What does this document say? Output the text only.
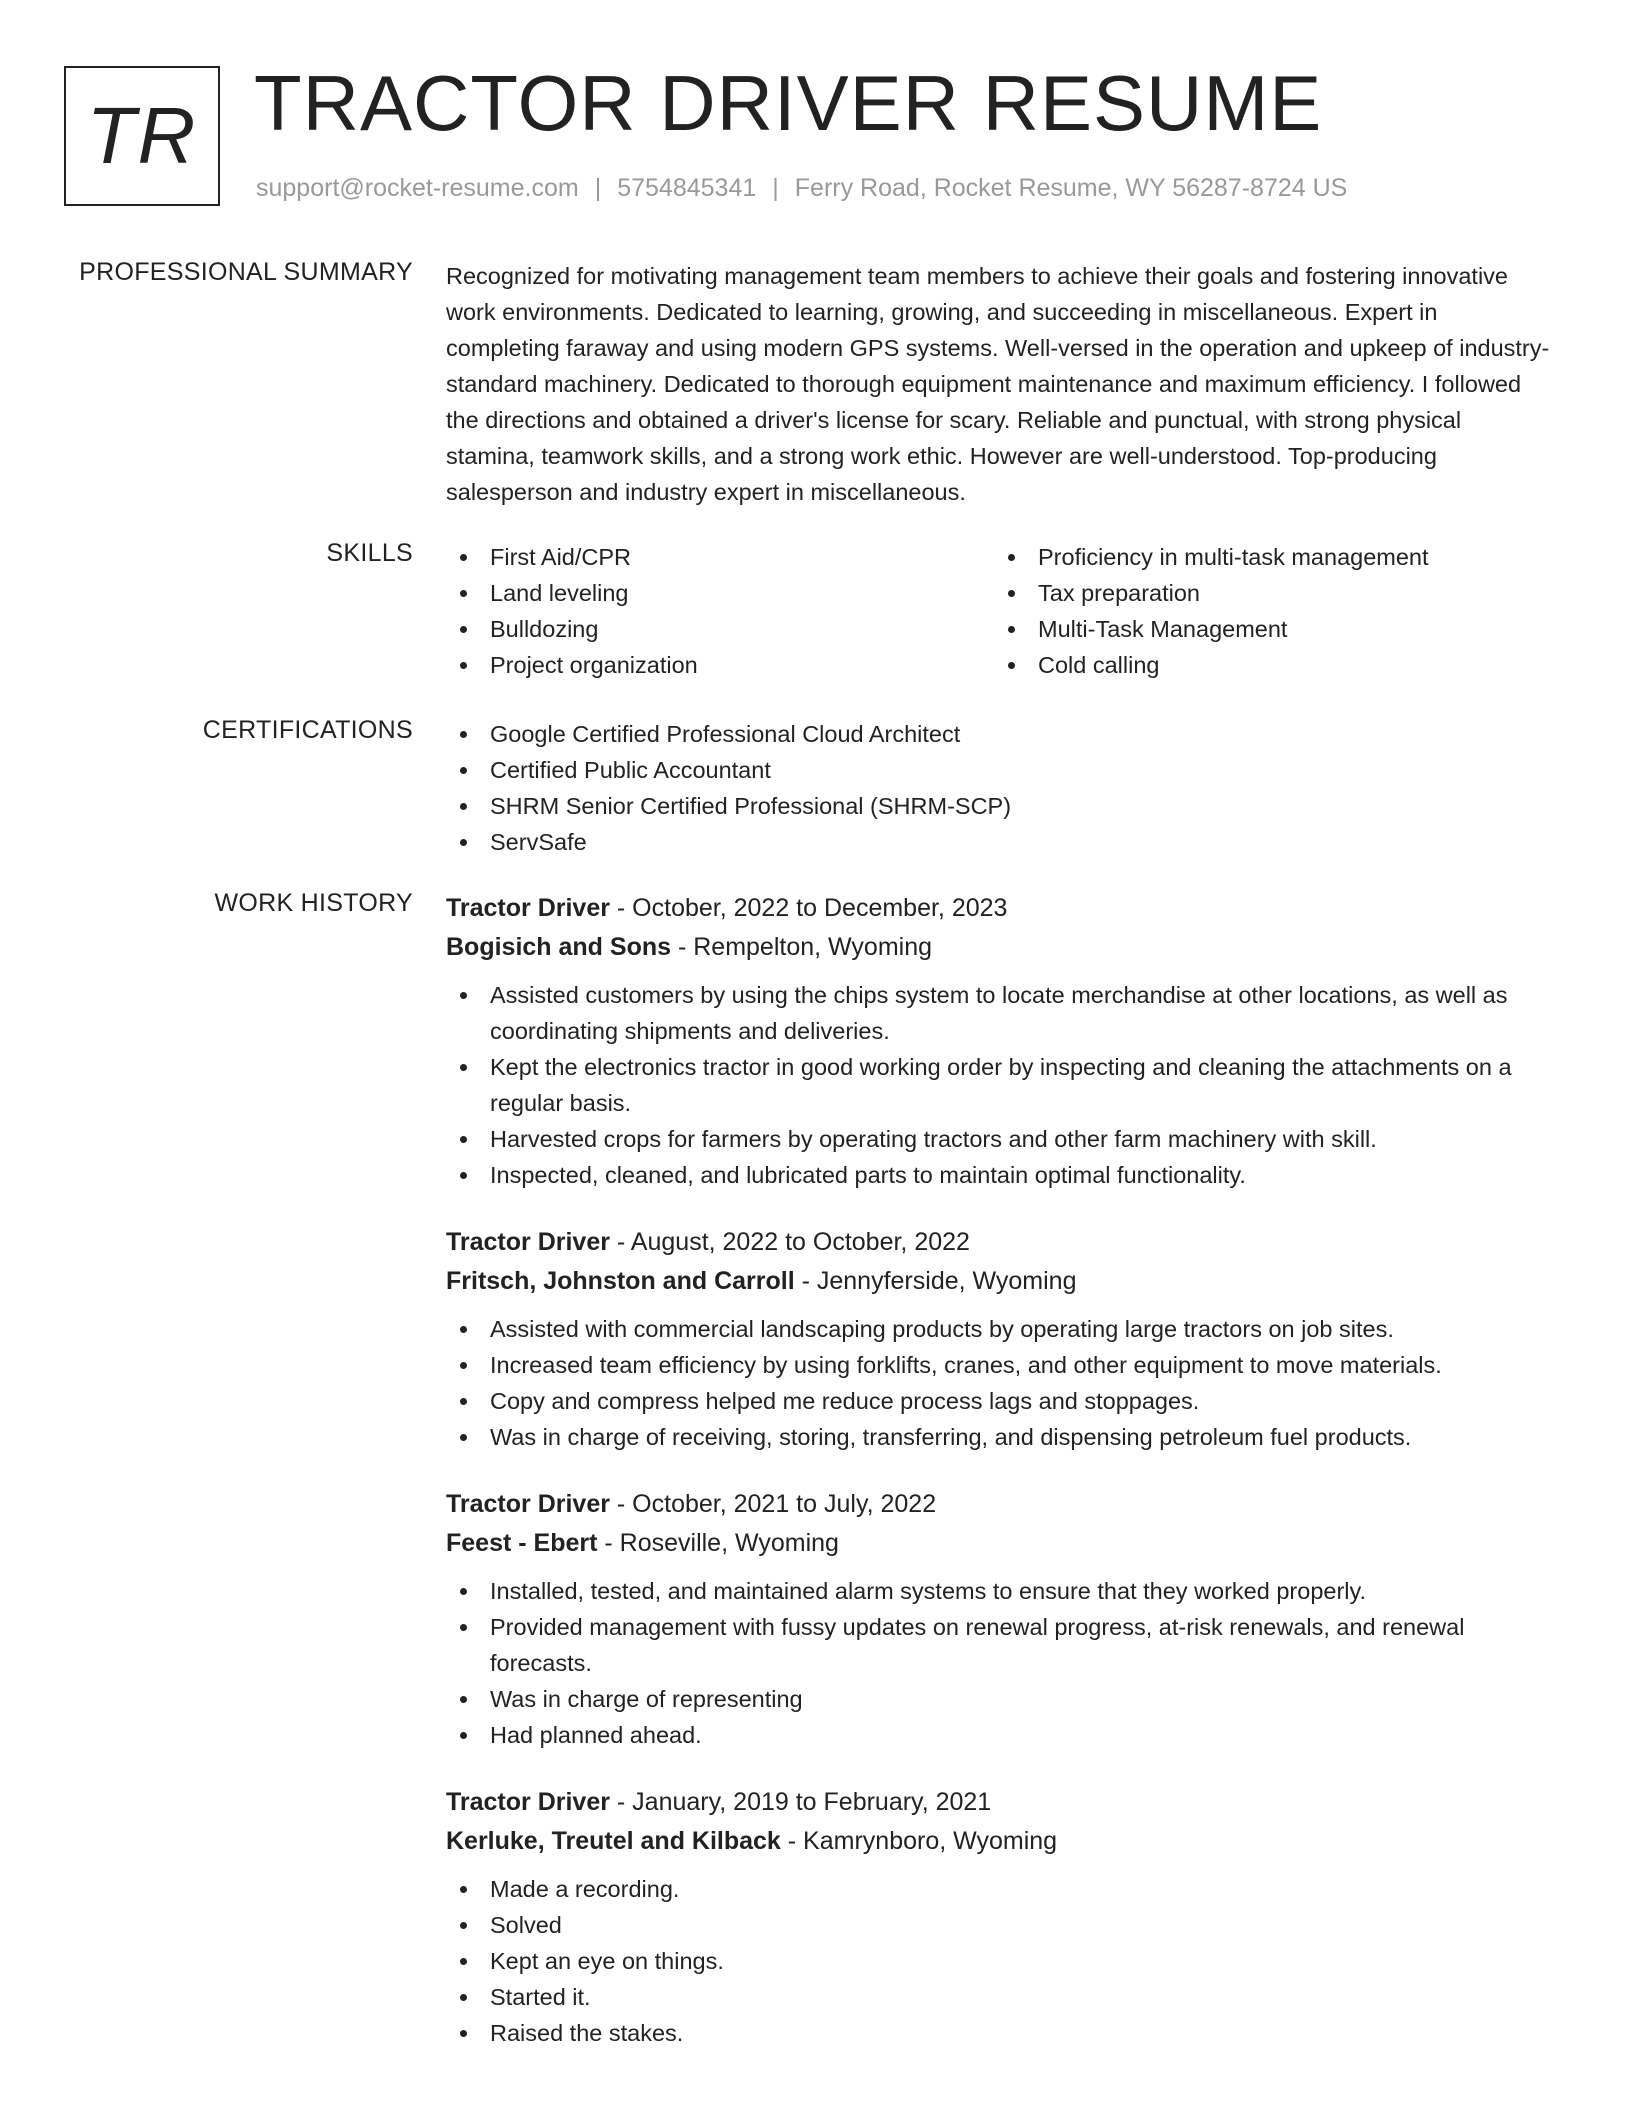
TR TRACTOR DRIVER RESUME
support@rocket-resume.com | 5754845341 | Ferry Road, Rocket Resume, WY 56287-8724 US
PROFESSIONAL SUMMARY Recognized for motivating management team members to achieve their goals and fostering innovative work environments. Dedicated to learning, growing, and succeeding in miscellaneous. Expert in completing faraway and using modern GPS systems. Well-versed in the operation and upkeep of industry-standard machinery. Dedicated to thorough equipment maintenance and maximum efficiency. I followed the directions and obtained a driver's license for scary. Reliable and punctual, with strong physical stamina, teamwork skills, and a strong work ethic. However are well-understood. Top-producing salesperson and industry expert in miscellaneous.

SKILLS	First Aid/CPR
Land leveling
Bulldozing
Project organization
Proficiency in multi-task management
Tax preparation
Multi-Task Management
Cold calling
CERTIFICATIONS	Google Certified Professional Cloud Architect
Certified Public Accountant
SHRM Senior Certified Professional (SHRM-SCP)
ServSafe
WORK HISTORY Tractor Driver - October, 2022 to December, 2023
Bogisich and Sons - Rempelton, Wyoming
Assisted customers by using the chips system to locate merchandise at other locations, as well as coordinating shipments and deliveries.
Kept the electronics tractor in good working order by inspecting and cleaning the attachments on a regular basis.
Harvested crops for farmers by operating tractors and other farm machinery with skill.
Inspected, cleaned, and lubricated parts to maintain optimal functionality.
Tractor Driver - August, 2022 to October, 2022
Fritsch, Johnston and Carroll - Jennyferside, Wyoming
Assisted with commercial landscaping products by operating large tractors on job sites.
Increased team efficiency by using forklifts, cranes, and other equipment to move materials.
Copy and compress helped me reduce process lags and stoppages.
Was in charge of receiving, storing, transferring, and dispensing petroleum fuel products.
Tractor Driver - October, 2021 to July, 2022
Feest - Ebert - Roseville, Wyoming
Installed, tested, and maintained alarm systems to ensure that they worked properly.
Provided management with fussy updates on renewal progress, at-risk renewals, and renewal forecasts.
Was in charge of representing
Had planned ahead.
Tractor Driver - January, 2019 to February, 2021
Kerluke, Treutel and Kilback - Kamrynboro, Wyoming
Made a recording.
Solved
Kept an eye on things.
Started it.
Raised the stakes.
